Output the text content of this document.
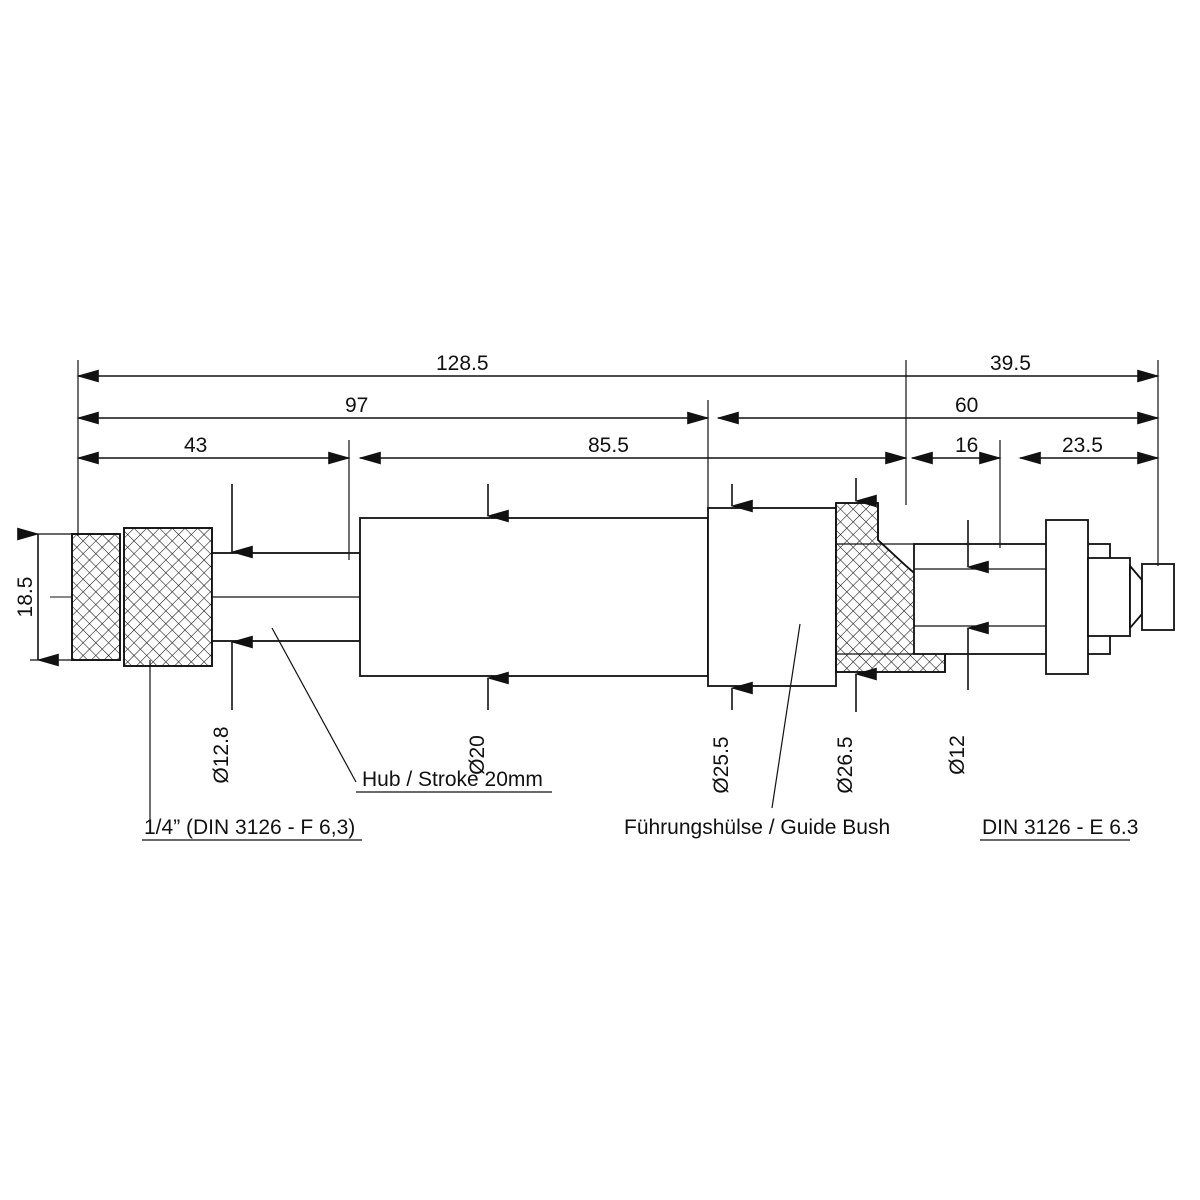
128.5	39.5
97	60
43	85.5	16	23.5
18.5
Ø12.8	Ø20	Ø25.5	Ø26.5	Ø12
Hub / Stroke 20mm
1/4” (DIN 3126 - F 6,3)	Führungshülse / Guide Bush	DIN 3126 - E 6.3
